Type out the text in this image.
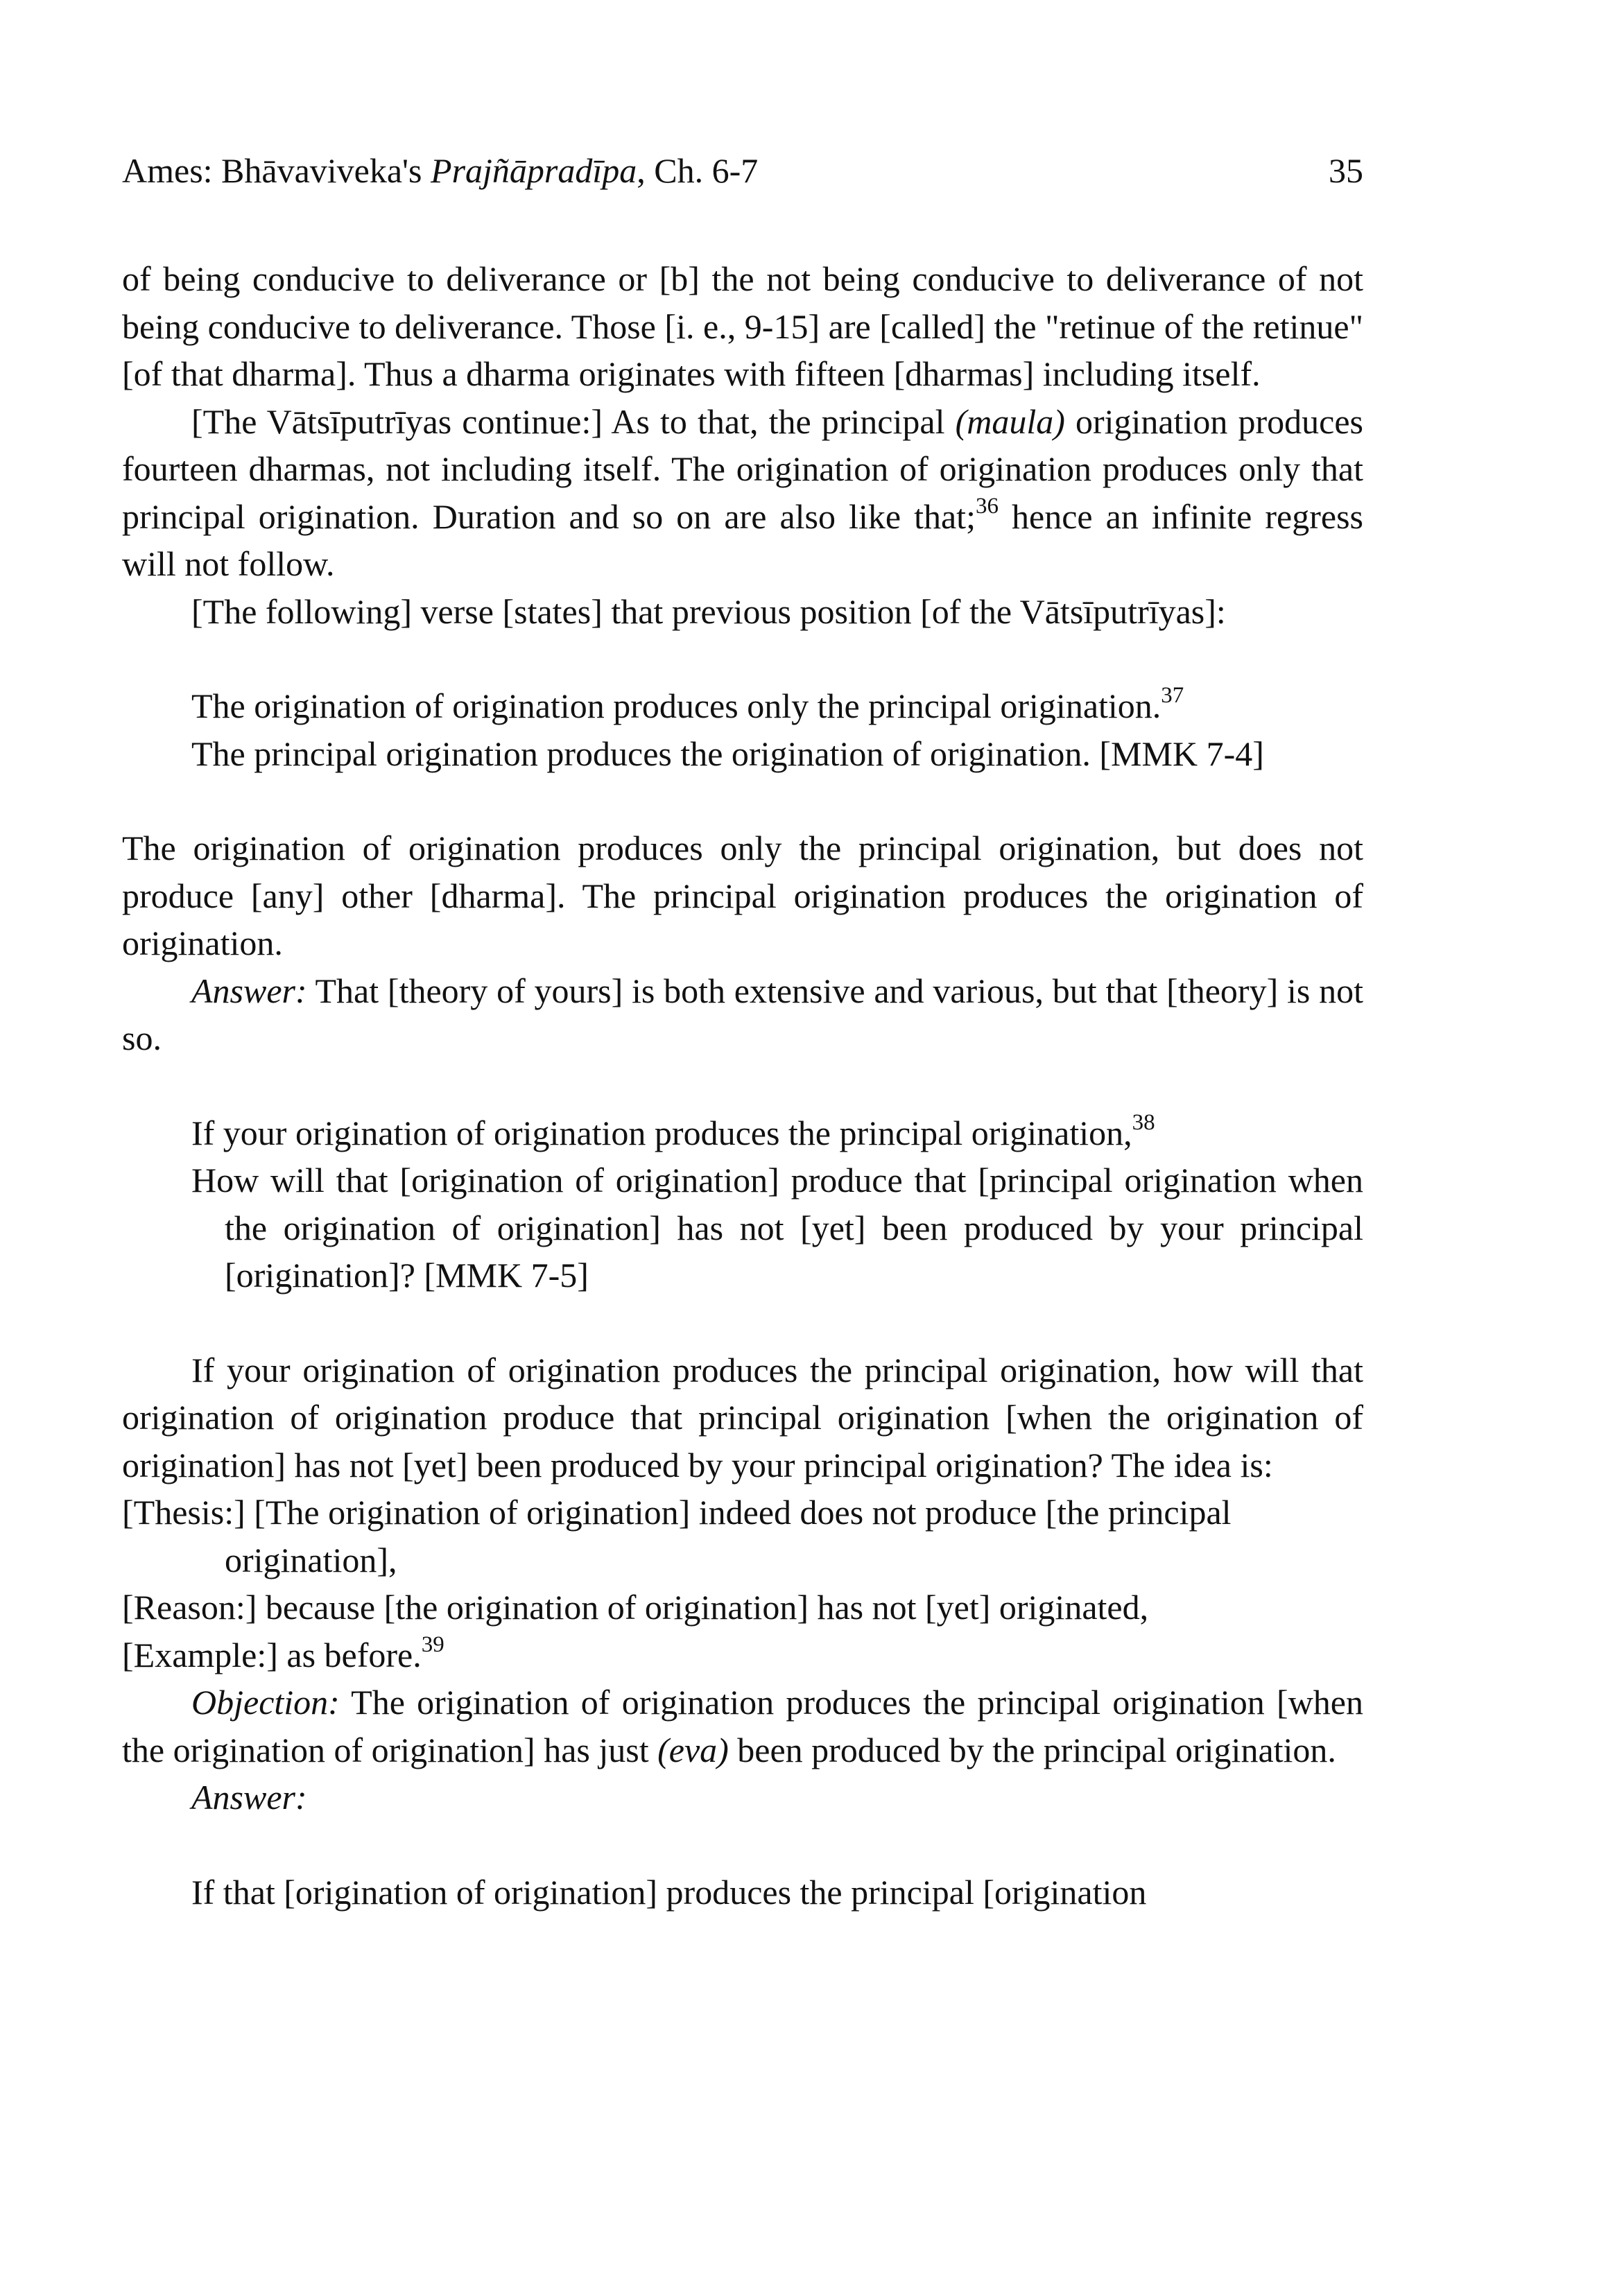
Ames: Bhāvaviveka's Prajñāpradīpa, Ch. 6-7	35

of being conducive to deliverance or [b] the not being conducive to deliverance of not being conducive to deliverance. Those [i. e., 9-15] are [called] the "retinue of the retinue" [of that dharma]. Thus a dharma originates with fifteen [dharmas] including itself.

[The Vātsīputrīyas continue:] As to that, the principal (maula) origination produces fourteen dharmas, not including itself. The origination of origination produces only that principal origination. Duration and so on are also like that;$^{36}$ hence an infinite regress will not follow.

[The following] verse [states] that previous position [of the Vātsīputrīyas]:

The origination of origination produces only the principal origination.$^{37}$

The principal origination produces the origination of origination. [MMK 7-4]

The origination of origination produces only the principal origination, but does not produce [any] other [dharma]. The principal origination produces the origination of origination.

Answer: That [theory of yours] is both extensive and various, but that [theory] is not so.

If your origination of origination produces the principal origination,$^{38}$

How will that [origination of origination] produce that [principal origination when the origination of origination] has not [yet] been produced by your principal [origination]? [MMK 7-5]

If your origination of origination produces the principal origination, how will that origination of origination produce that principal origination [when the origination of origination] has not [yet] been produced by your principal origination? The idea is:

[Thesis:] [The origination of origination] indeed does not produce [the principal origination],

[Reason:] because [the origination of origination] has not [yet] originated,

[Example:] as before.$^{39}$

Objection: The origination of origination produces the principal origination [when the origination of origination] has just (eva) been produced by the principal origination.

Answer:

If that [origination of origination] produces the principal [origination
